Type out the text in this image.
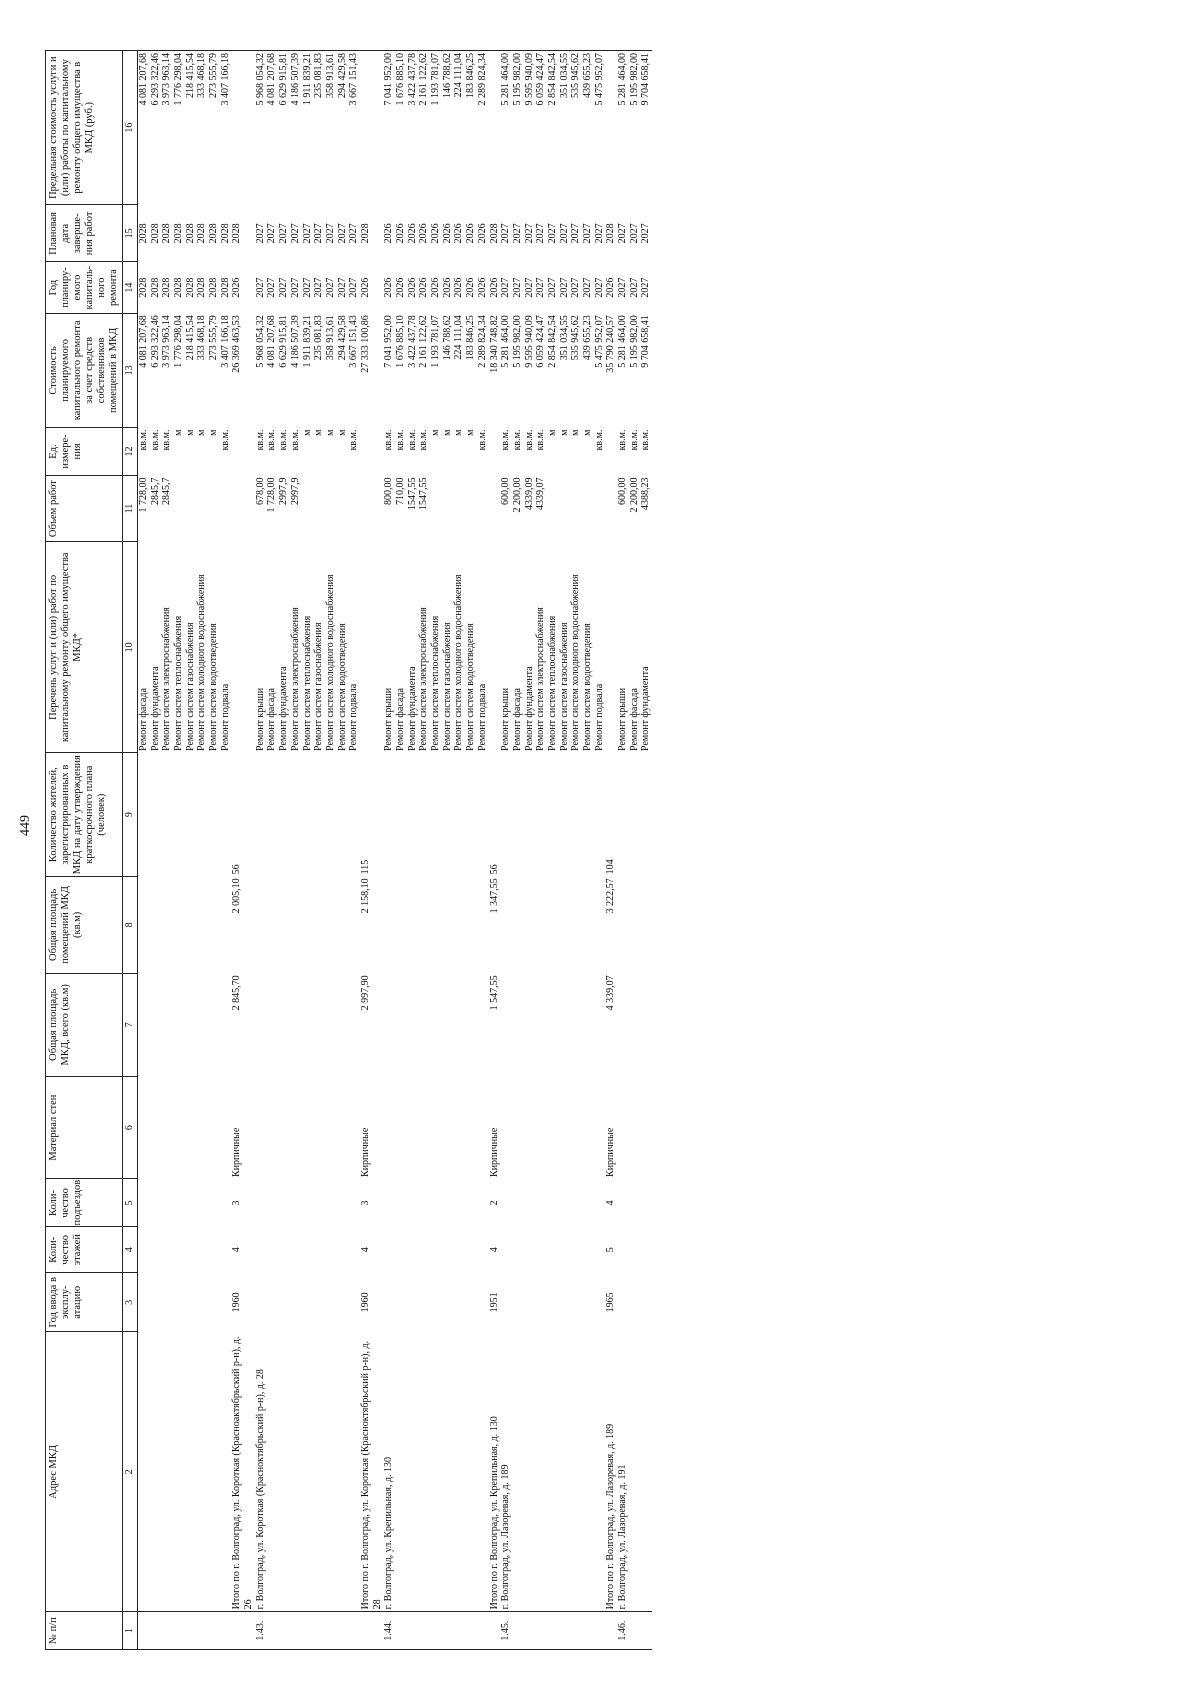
449
№ п/п	Адрес МКД	Год ввода в эксплу-атацию	Коли-чество этажей	Коли-чество подъездов	Материал стен	Общая площадь МКД, всего (кв.м)	Общая площадь помещений МКД (кв.м)	Количество жителей, зарегистрированных в МКД на дату утверждения краткосрочного плана (человек)	Перечень услуг и (или) работ по капитальному ремонту общего имущества МКД*	Объем работ	Ед. измере-ния	Стоимость планируемого капитального ремонта за счет средств собственников помещений в МКД	Год планиру-емого капиталь-ного ремонта	Плановая дата заверше-ния работ	Предельная стоимость услуги и (или) работы по капитальному ремонту общего имущества в МКД (руб.)
1	2	3	4	5	6	7	8	9	10	11	12	13	14	15	16
									Ремонт фасада	1 728,00	кв.м.	4 081 207,68	2028	2028	4 081 207,68
									Ремонт фундамента	2845,7	кв.м.	6 293 322,46	2028	2028	6 293 322,46
									Ремонт систем электроснабжения	2845,7	кв.м.	3 973 963,14	2028	2028	3 973 963,14
									Ремонт систем теплоснабжения		м	1 776 298,04	2028	2028	1 776 298,04
									Ремонт систем газоснабжения		м	218 415,54	2028	2028	218 415,54
									Ремонт систем холодного водоснабжения		м	333 468,18	2028	2028	333 468,18
									Ремонт систем водоотведения		м	273 555,79	2028	2028	273 555,79
									Ремонт подвала		кв.м.	3 407 166,18	2028	2028	3 407 166,18
	Итого по г. Волгоград, ул. Короткая (Красноактябрьский р-н), д. 26	1960	4	3	Кирпичные	2 845,70	2 005,10	56				26 369 463,53	2026	2028	
1.43.	г. Волгоград, ул. Короткая (Красноктябрьский р-н), д. 28								Ремонт крыши	678,00	кв.м.	5 968 054,32	2027	2027	5 968 054,32
									Ремонт фасада	1 728,00	кв.м.	4 081 207,68	2027	2027	4 081 207,68
									Ремонт фундамента	2997,9	кв.м.	6 629 915,81	2027	2027	6 629 915,81
									Ремонт систем электроснабжения	2997,9	кв.м.	4 186 507,39	2027	2027	4 186 507,39
									Ремонт систем теплоснабжения		м	1 911 839,21	2027	2027	1 911 839,21
									Ремонт систем газоснабжения		м	235 081,83	2027	2027	235 081,83
									Ремонт систем холодного водоснабжения		м	358 913,61	2027	2027	358 913,61
									Ремонт систем водоотведения		м	294 429,58	2027	2027	294 429,58
									Ремонт подвала		кв.м.	3 667 151,43	2027	2027	3 667 151,43
	Итого по г. Волгоград, ул. Короткая (Красноктябрьский р-н), д. 28	1960	4	3	Кирпичные	2 997,90	2 158,10	115				27 333 100,86	2026	2028	
1.44.	г. Волгоград, ул. Крепильная, д. 130								Ремонт крыши	800,00	кв.м.	7 041 952,00	2026	2026	7 041 952,00
									Ремонт фасада	710,00	кв.м.	1 676 885,10	2026	2026	1 676 885,10
									Ремонт фундамента	1547,55	кв.м.	3 422 437,78	2026	2026	3 422 437,78
									Ремонт систем электроснабжения	1547,55	кв.м.	2 161 122,62	2026	2026	2 161 122,62
									Ремонт систем теплоснабжения		м	1 193 781,07	2026	2026	1 193 781,07
									Ремонт систем газоснабжения		м	146 788,62	2026	2026	146 788,62
									Ремонт систем холодного водоснабжения		м	224 111,04	2026	2026	224 111,04
									Ремонт систем водоотведения		м	183 846,25	2026	2026	183 846,25
									Ремонт подвала		кв.м.	2 289 824,34	2026	2026	2 289 824,34
	Итого по г. Волгоград, ул. Крепильная, д. 130	1951	4	2	Кирпичные	1 547,55	1 347,55	56				18 340 748,82	2026	2028	
1.45.	г. Волгоград, ул. Лазоревая, д. 189								Ремонт крыши	600,00	кв.м.	5 281 464,00	2027	2027	5 281 464,00
									Ремонт фасада	2 200,00	кв.м.	5 195 982,00	2027	2027	5 195 982,00
									Ремонт фундамента	4339,09	кв.м.	9 595 940,09	2027	2027	9 595 940,09
									Ремонт систем электроснабжения	4339,07	кв.м.	6 059 424,47	2027	2027	6 059 424,47
									Ремонт систем теплоснабжения		м	2 854 842,54	2027	2027	2 854 842,54
									Ремонт систем газоснабжения		м	351 034,55	2027	2027	351 034,55
									Ремонт систем холодного водоснабжения		м	535 945,62	2027	2027	535 945,62
									Ремонт систем водоотведения		м	439 655,23	2027	2027	439 655,23
									Ремонт подвала		кв.м.	5 475 952,07	2027	2027	5 475 952,07
	Итого по г. Волгоград, ул. Лазоревая, д. 189	1965	5	4	Кирпичные	4 339,07	3 222,57	104				35 790 240,57	2026	2028	
1.46.	г. Волгоград, ул. Лазоревая, д. 191								Ремонт крыши	600,00	кв.м.	5 281 464,00	2027	2027	5 281 464,00
									Ремонт фасада	2 200,00	кв.м.	5 195 982,00	2027	2027	5 195 982,00
									Ремонт фундамента	4388,23	кв.м.	9 704 658,41	2027	2027	9 704 658,41
